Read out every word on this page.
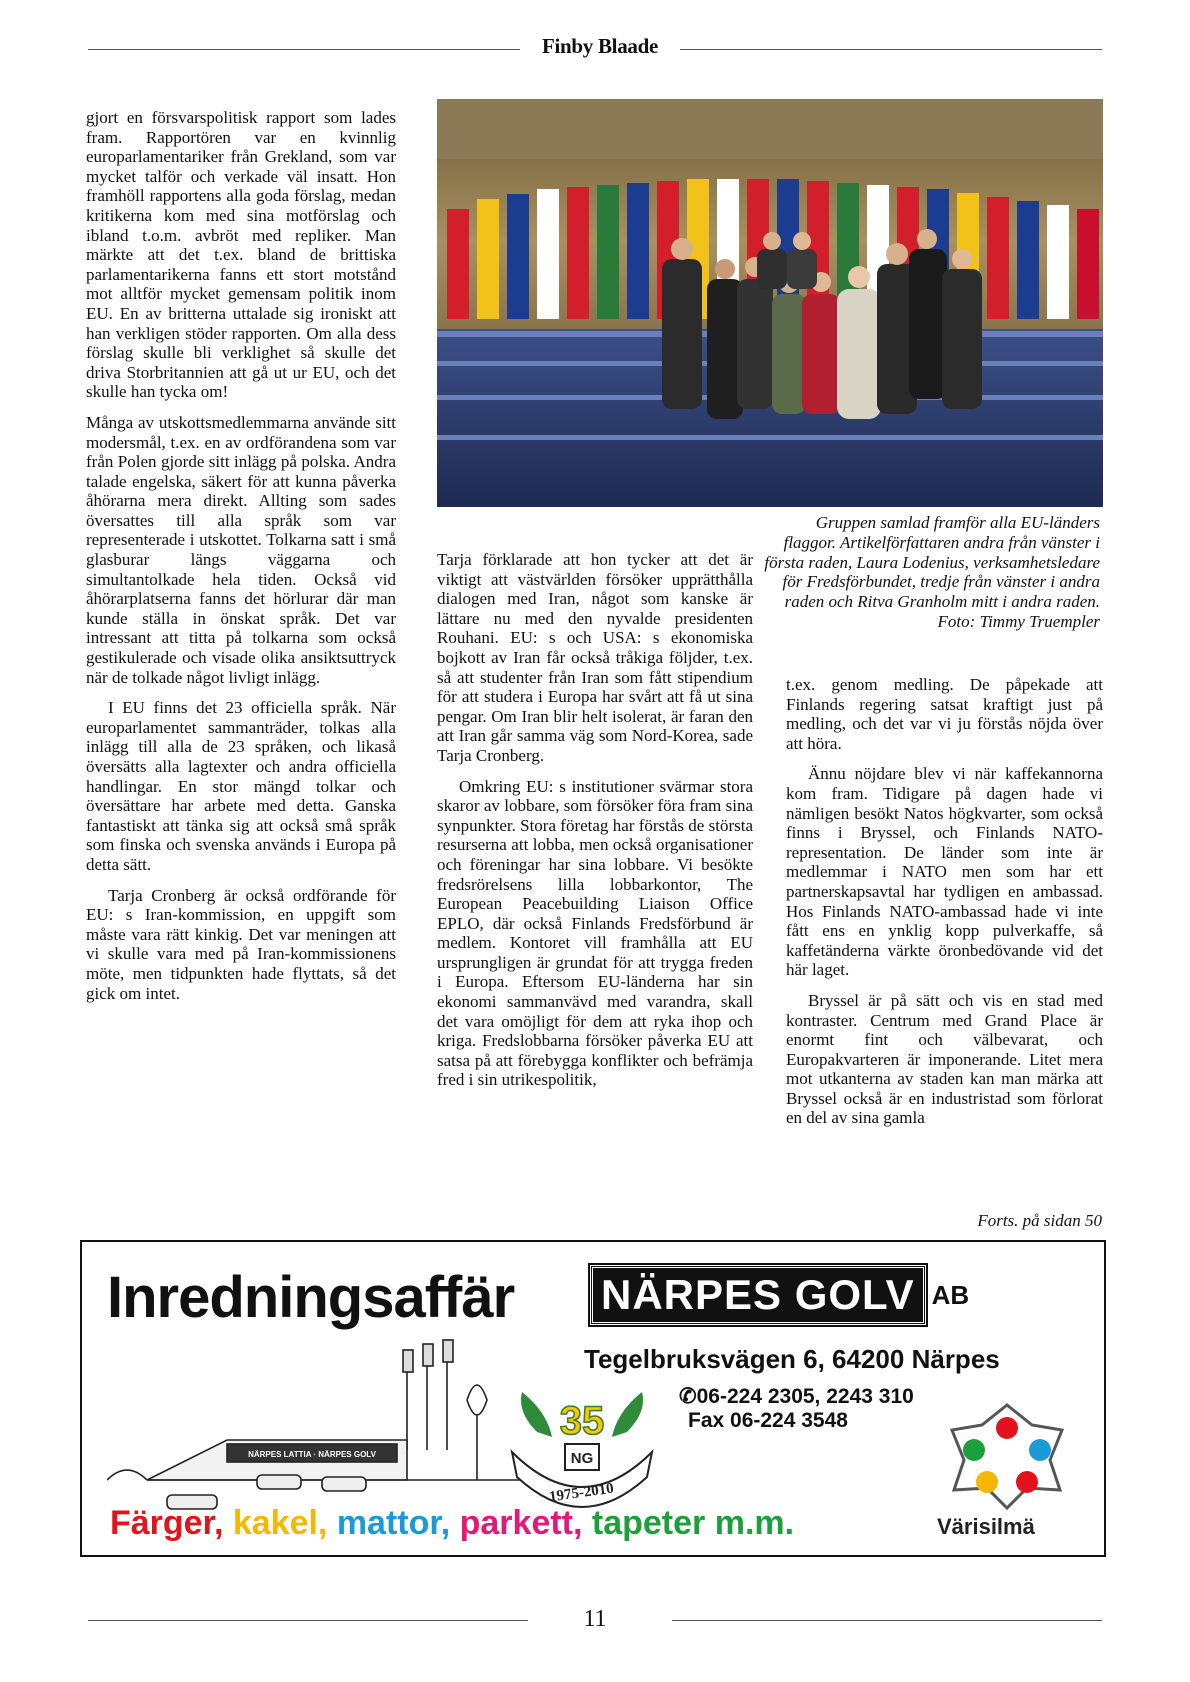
Finby Blaade

gjort en försvarspolitisk rapport som lades fram. Rapportören var en kvinnlig europarlamentariker från Grekland, som var mycket talför och verkade väl insatt. Hon framhöll rapportens alla goda förslag, medan kritikerna kom med sina motförslag och ibland t.o.m. avbröt med repliker. Man märkte att det t.ex. bland de brittiska parlamentarikerna fanns ett stort motstånd mot alltför mycket gemensam politik inom EU. En av britterna uttalade sig ironiskt att han verkligen stöder rapporten. Om alla dess förslag skulle bli verklighet så skulle det driva Storbritannien att gå ut ur EU, och det skulle han tycka om!

Många av utskottsmedlemmarna använde sitt modersmål, t.ex. en av ordförandena som var från Polen gjorde sitt inlägg på polska. Andra talade engelska, säkert för att kunna påverka åhörarna mera direkt. Allting som sades översattes till alla språk som var representerade i utskottet. Tolkarna satt i små glasburar längs väggarna och simultantolkade hela tiden. Också vid åhörarplatserna fanns det hörlurar där man kunde ställa in önskat språk. Det var intressant att titta på tolkarna som också gestikulerade och visade olika ansiktsuttryck när de tolkade något livligt inlägg.

I EU finns det 23 officiella språk. När europarlamentet sammanträder, tolkas alla inlägg till alla de 23 språken, och likaså översätts alla lagtexter och andra officiella handlingar. En stor mängd tolkar och översättare har arbete med detta. Ganska fantastiskt att tänka sig att också små språk som finska och svenska används i Europa på detta sätt.

Tarja Cronberg är också ordförande för EU: s Iran-kommission, en uppgift som måste vara rätt kinkig. Det var meningen att vi skulle vara med på Iran-kommissionens möte, men tidpunkten hade flyttats, så det gick om intet.

Gruppen samlad framför alla EU-länders flaggor. Artikelförfattaren andra från vänster i första raden, Laura Lodenius, verksamhetsledare för Fredsförbundet, tredje från vänster i andra raden och Ritva Granholm mitt i andra raden. Foto: Timmy Truempler

Tarja förklarade att hon tycker att det är viktigt att västvärlden försöker upprätthålla dialogen med Iran, något som kanske är lättare nu med den nyvalde presidenten Rouhani. EU: s och USA: s ekonomiska bojkott av Iran får också tråkiga följder, t.ex. så att studenter från Iran som fått stipendium för att studera i Europa har svårt att få ut sina pengar. Om Iran blir helt isolerat, är faran den att Iran går samma väg som Nord-Korea, sade Tarja Cronberg.

Omkring EU: s institutioner svärmar stora skaror av lobbare, som försöker föra fram sina synpunkter. Stora företag har förstås de största resurserna att lobba, men också organisationer och föreningar har sina lobbare. Vi besökte fredsrörelsens lilla lobbarkontor, The European Peacebuilding Liaison Office EPLO, där också Finlands Fredsförbund är medlem. Kontoret vill framhålla att EU ursprungligen är grundat för att trygga freden i Europa. Eftersom EU-länderna har sin ekonomi sammanvävd med varandra, skall det vara omöjligt för dem att ryka ihop och kriga. Fredslobbarna försöker påverka EU att satsa på att förebygga konflikter och befrämja fred i sin utrikespolitik,

t.ex. genom medling. De påpekade att Finlands regering satsat kraftigt just på medling, och det var vi ju förstås nöjda över att höra.

Ännu nöjdare blev vi när kaffekannorna kom fram. Tidigare på dagen hade vi nämligen besökt Natos högkvarter, som också finns i Bryssel, och Finlands NATO-representation. De länder som inte är medlemmar i NATO men som har ett partnerskapsavtal har tydligen en ambassad. Hos Finlands NATO-ambassad hade vi inte fått ens en ynklig kopp pulverkaffe, så kaffetänderna värkte öronbedövande vid det här laget.

Bryssel är på sätt och vis en stad med kontraster. Centrum med Grand Place är enormt fint och välbevarat, och Europakvarteren är imponerande. Litet mera mot utkanterna av staden kan man märka att Bryssel också är en industristad som förlorat en del av sina gamla

Forts. på sidan 50
Inredningsaffär NÄRPES GOLV AB
Tegelbruksvägen 6, 64200 Närpes
✆06-224 2305, 2243 310
Fax 06-224 3548
NÄRPES LATTIA · NÄRPES GOLV
35
NG
1975-2010
Färger, kakel, mattor, parkett, tapeter m.m.	Värisilmä
11
